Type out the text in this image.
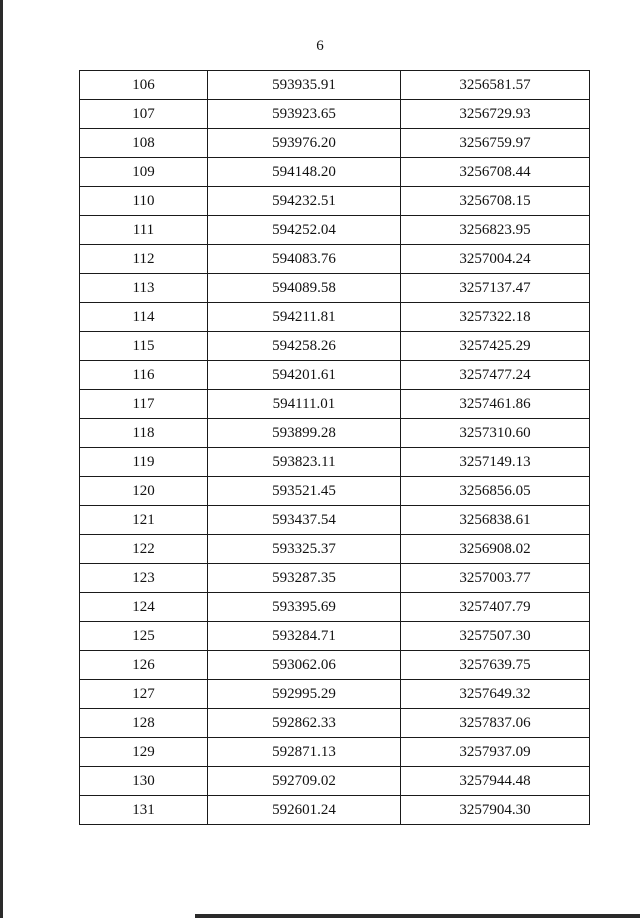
6
106	593935.91	3256581.57
107	593923.65	3256729.93
108	593976.20	3256759.97
109	594148.20	3256708.44
110	594232.51	3256708.15
111	594252.04	3256823.95
112	594083.76	3257004.24
113	594089.58	3257137.47
114	594211.81	3257322.18
115	594258.26	3257425.29
116	594201.61	3257477.24
117	594111.01	3257461.86
118	593899.28	3257310.60
119	593823.11	3257149.13
120	593521.45	3256856.05
121	593437.54	3256838.61
122	593325.37	3256908.02
123	593287.35	3257003.77
124	593395.69	3257407.79
125	593284.71	3257507.30
126	593062.06	3257639.75
127	592995.29	3257649.32
128	592862.33	3257837.06
129	592871.13	3257937.09
130	592709.02	3257944.48
131	592601.24	3257904.30
